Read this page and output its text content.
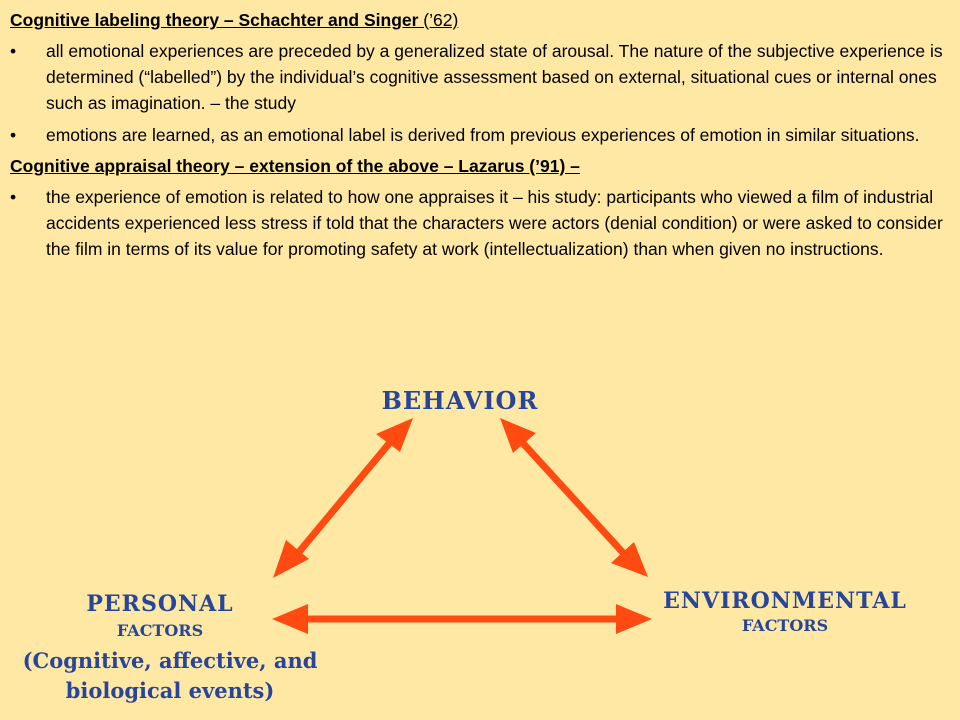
Cognitive labeling theory – Schachter and Singer (’62)
• all emotional experiences are preceded by a generalized state of arousal. The nature of the subjective experience is determined (“labelled”) by the individual’s cognitive assessment based on external, situational cues or internal ones such as imagination. – the study
• emotions are learned, as an emotional label is derived from previous experiences of emotion in similar situations.
Cognitive appraisal theory – extension of the above – Lazarus (’91) –
• the experience of emotion is related to how one appraises it – his study: participants who viewed a film of industrial accidents experienced less stress if told that the characters were actors (denial condition) or were asked to consider the film in terms of its value for promoting safety at work (intellectualization) than when given no instructions.
BEHAVIOR
PERSONAL
FACTORS
(Cognitive, affective, and biological events)
ENVIRONMENTAL
FACTORS
